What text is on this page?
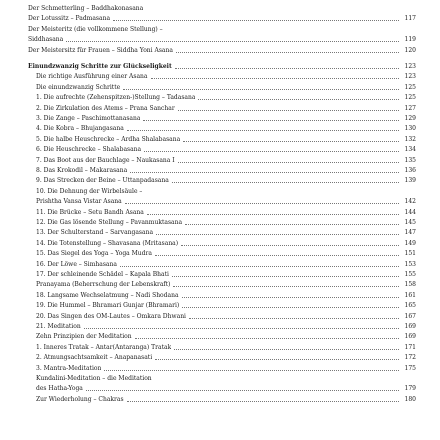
Der Schmetterling – Baddhakonasana
Der Lotussitz – Padmasana	117
Der Meisteritz (die vollkommene Stellung) –
Siddhasana	119
Der Meistersitz für Frauen – Siddha Yoni Asana	120
Einundzwanzig Schritte zur Glückseligkeit	123
Die richtige Ausführung einer Asana	123
Die einundzwanzig Schritte	125
1. Die aufrechte (Zehenspitzen-)Stellung – Tadasana	125
2. Die Zirkulation des Atems – Prana Sanchar	127
3. Die Zange – Paschimottanasana	129
4. Die Kobra – Bhujangasana	130
5. Die halbe Heuschrecke – Ardha Shalabasana	132
6. Die Heuschrecke – Shalabasana	134
7. Das Boot aus der Bauchlage – Naukasana I	135
8. Das Krokodil – Makarasana	136
9. Das Strecken der Beine – Uttanpadasana	139
10. Die Dehnung der Wirbelsäule –
Prishtha Vansa Vistar Asana	142
11. Die Brücke – Setu Bandh Asana	144
12. Die Gas lösende Stellung – Pavanmuktasana	145
13. Der Schulterstand – Sarvangasana	147
14. Die Totenstellung – Shavasana (Mritasana)	149
15. Das Siegel des Yoga – Yoga Mudra	151
16. Der Löwe – Simhasana	153
17. Der schleinende Schädel – Kapala Bhati	155
Pranayama (Beherrschung der Lebenskraft)	158
18. Langsame Wechselatmung – Nadi Shodana	161
19. Die Hummel – Bhramari Gunjar (Bhramari)	165
20. Das Singen des OM-Lautes – Omkara Dhwani	167
21. Meditation	169
Zehn Prinzipien der Meditation	169
1. Inneres Tratak – Antar(Antaranga) Tratak	171
2. Atmungsachtsamkeit – Anapanasati	172
3. Mantra-Meditation	175
Kundalini-Meditation – die Meditation
des Hatha-Yoga	179
Zur Wiederholung – Chakras	180
